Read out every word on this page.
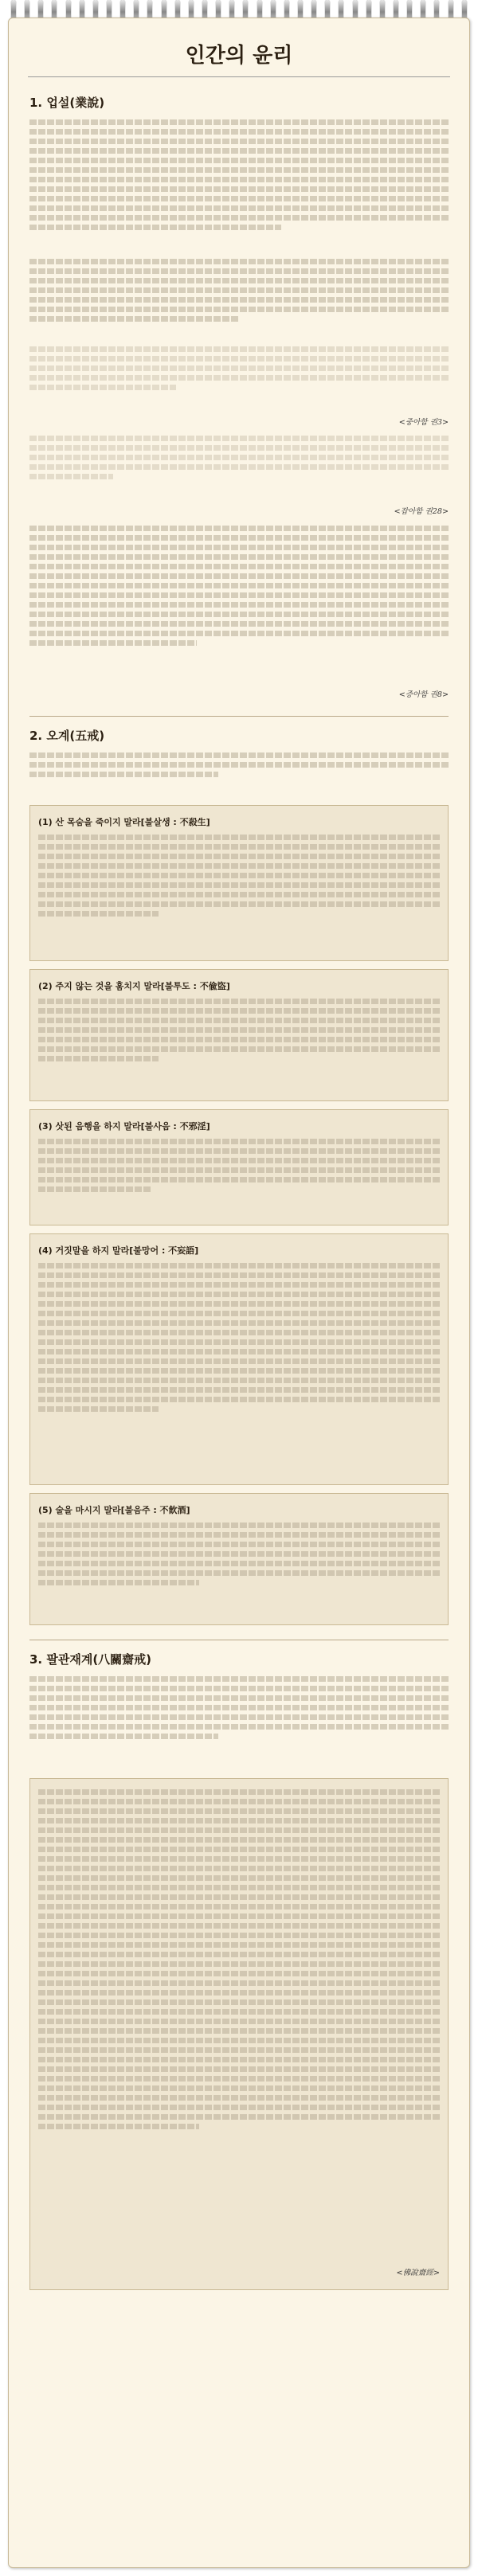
인간의 윤리
1. 업설(業說)
<중아함 권3>
<잡아함 권28>
<증아함 권8>
2. 오계(五戒)
(1) 산 목숨을 죽이지 말라[불살생 : 不殺生]
(2) 주지 않는 것을 훔치지 말라[불투도 : 不偸盜]
(3) 삿된 음행을 하지 말라[불사음 : 不邪淫]
(4) 거짓말을 하지 말라[불망어 : 不妄語]
(5) 술을 마시지 말라[불음주 : 不飮酒]
3. 팔관재계(八關齋戒)
<佛說齋經>
